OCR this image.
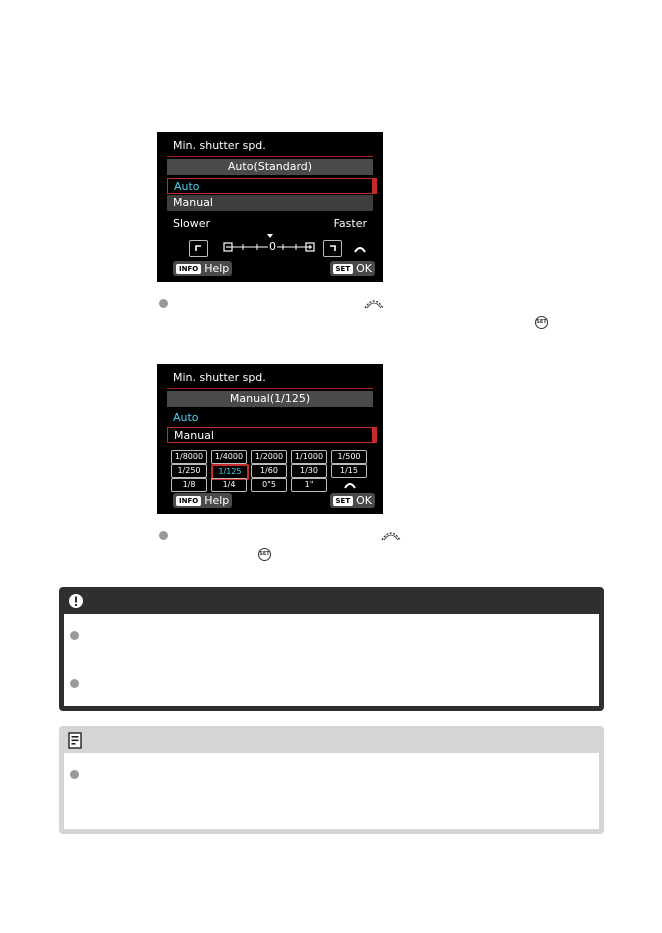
Min. shutter spd.
Auto(Standard)
Auto
Manual
Slower	Faster
0
INFO Help	SET OK
SET
Min. shutter spd.
Manual(1/125)
Auto
Manual
1/8000	1/4000	1/2000	1/1000	1/500
1/250	1/125	1/60	1/30	1/15
1/8	1/4	0"5	1"
INFO Help	SET OK
SET
